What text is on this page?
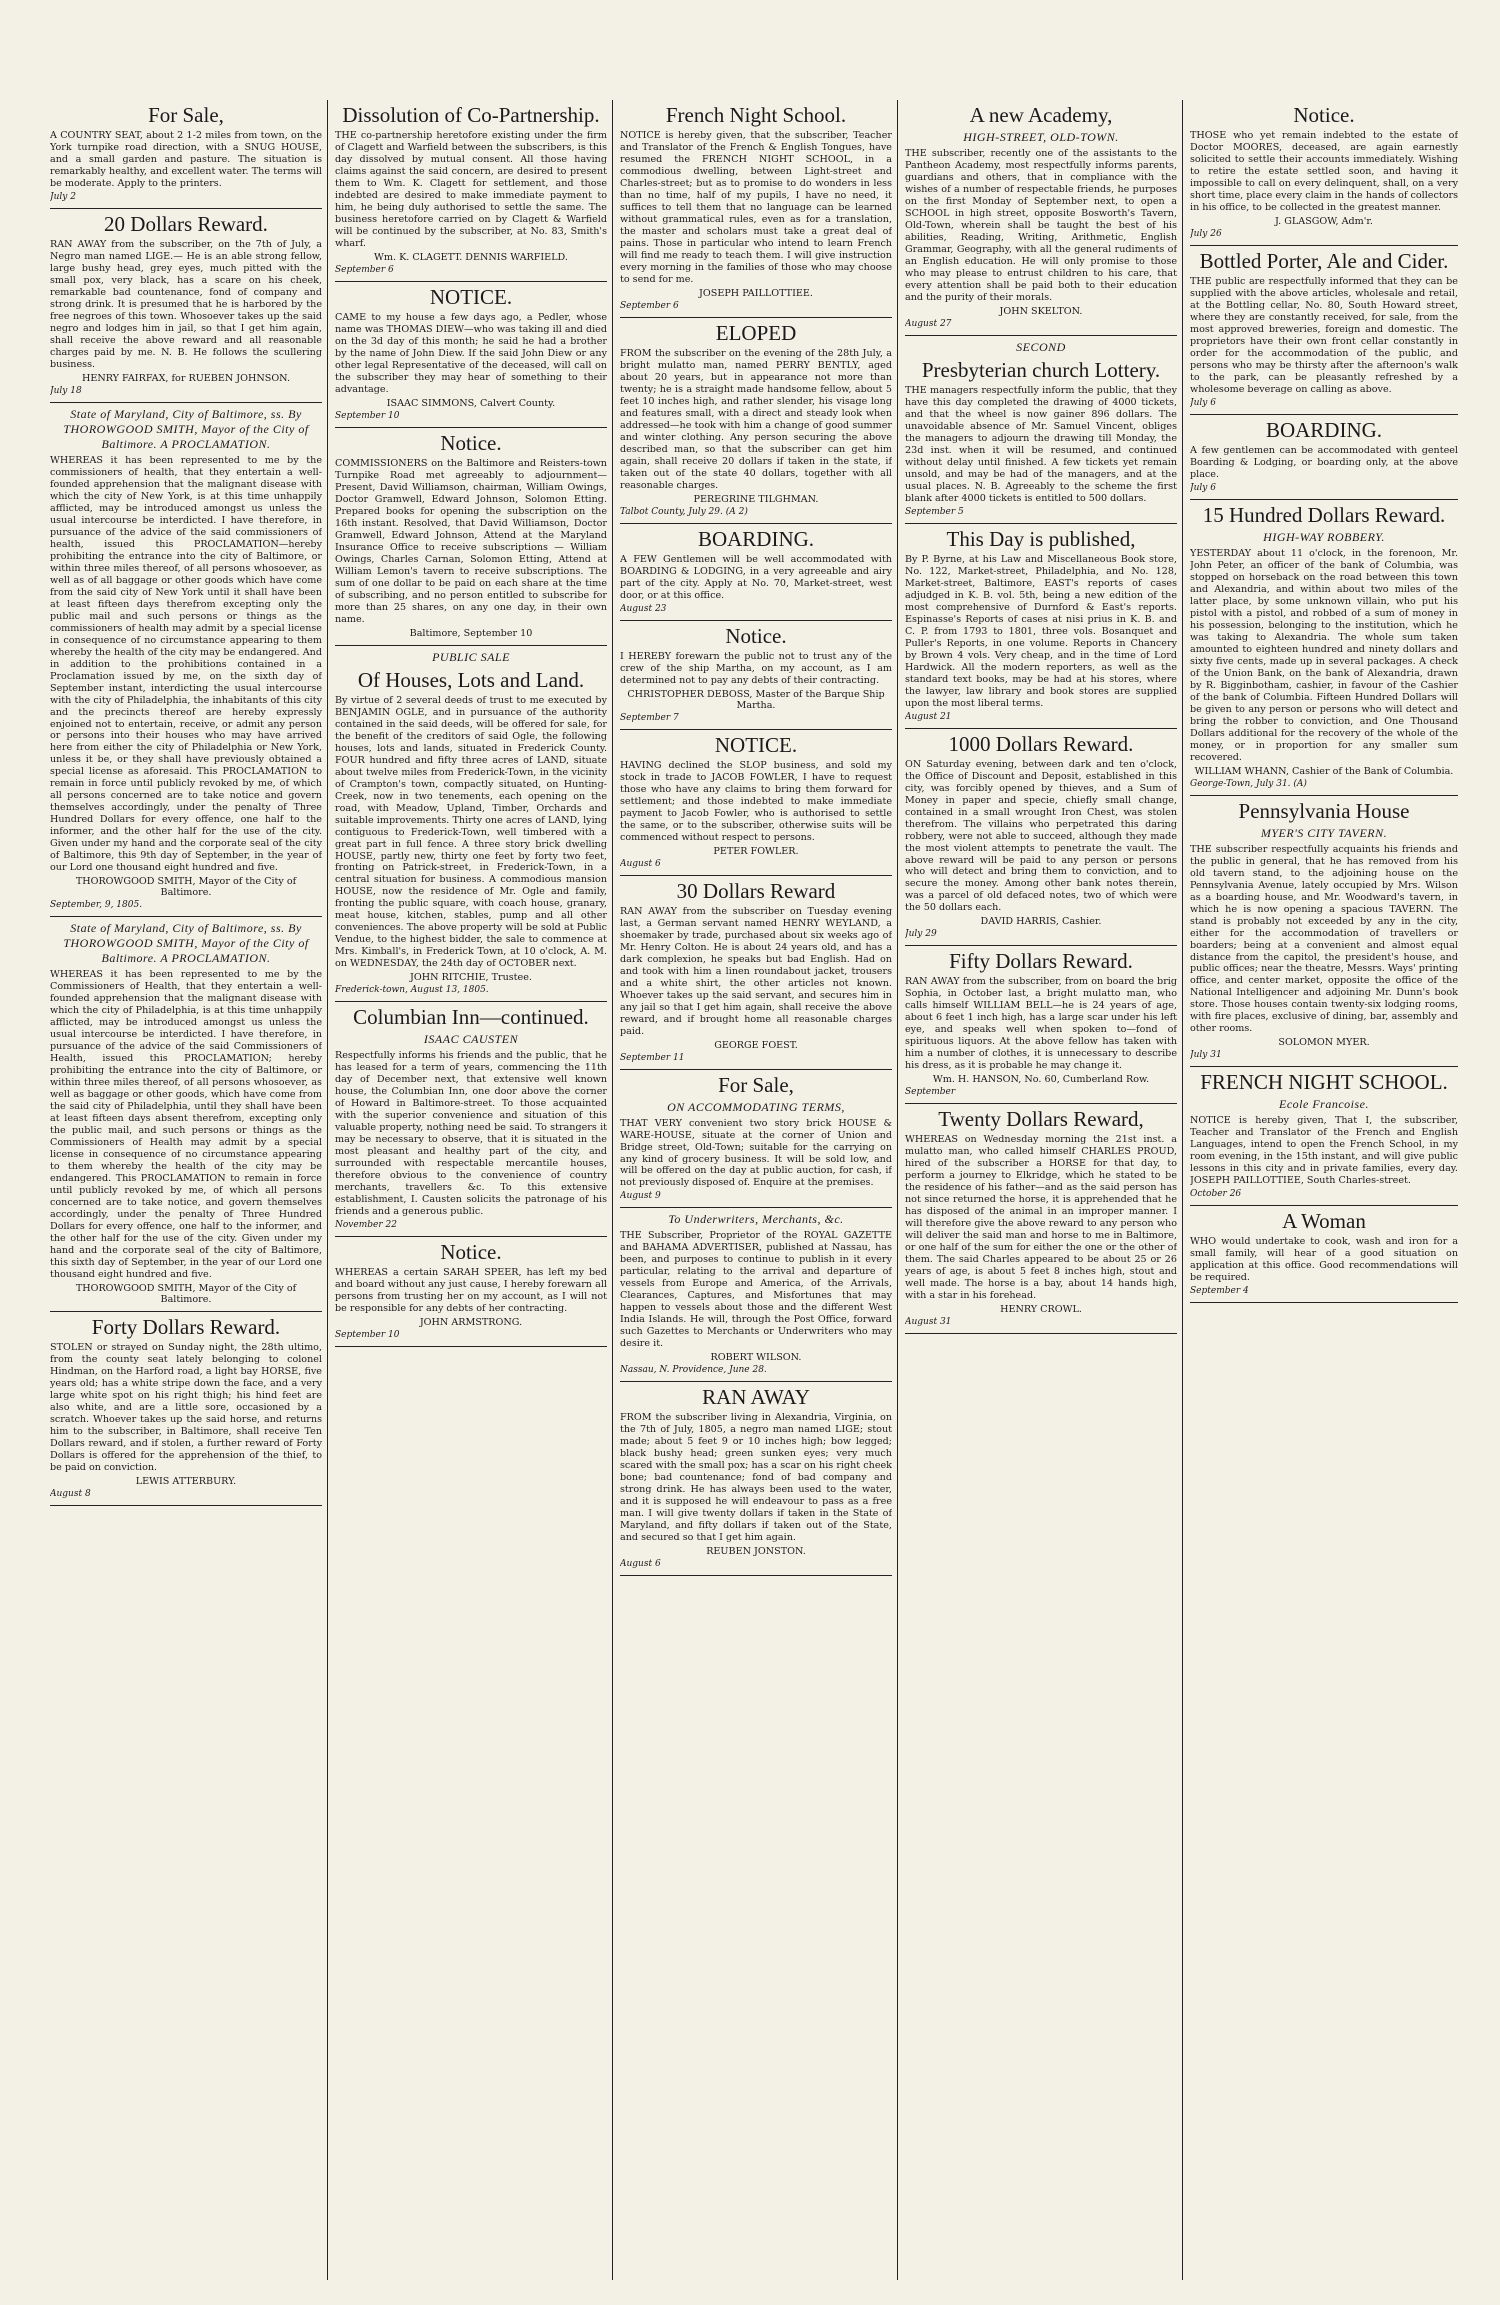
For Sale,

A COUNTRY SEAT, about 2 1-2 miles from town, on the York turnpike road direction, with a SNUG HOUSE, and a small garden and pasture. The situation is remarkably healthy, and excellent water. The terms will be moderate. Apply to the printers.

July 2
20 Dollars Reward.

RAN AWAY from the subscriber, on the 7th of July, a Negro man named LIGE.— He is an able strong fellow, large bushy head, grey eyes, much pitted with the small pox, very black, has a scare on his cheek, remarkable bad countenance, fond of company and strong drink. It is presumed that he is harbored by the free negroes of this town. Whosoever takes up the said negro and lodges him in jail, so that I get him again, shall receive the above reward and all reasonable charges paid by me. N. B. He follows the scullering business.

HENRY FAIRFAX, for RUEBEN JOHNSON.
July 18
State of Maryland, City of Baltimore, ss. By THOROWGOOD SMITH, Mayor of the City of Baltimore. A PROCLAMATION.

WHEREAS it has been represented to me by the commissioners of health, that they entertain a well-founded apprehension that the malignant disease with which the city of New York, is at this time unhappily afflicted, may be introduced amongst us unless the usual intercourse be interdicted. I have therefore, in pursuance of the advice of the said commissioners of health, issued this PROCLAMATION—hereby prohibiting the entrance into the city of Baltimore, or within three miles thereof, of all persons whosoever, as well as of all baggage or other goods which have come from the said city of New York until it shall have been at least fifteen days therefrom excepting only the public mail and such persons or things as the commissioners of health may admit by a special license in consequence of no circumstance appearing to them whereby the health of the city may be endangered. And in addition to the prohibitions contained in a Proclamation issued by me, on the sixth day of September instant, interdicting the usual intercourse with the city of Philadelphia, the inhabitants of this city and the precincts thereof are hereby expressly enjoined not to entertain, receive, or admit any person or persons into their houses who may have arrived here from either the city of Philadelphia or New York, unless it be, or they shall have previously obtained a special license as aforesaid. This PROCLAMATION to remain in force until publicly revoked by me, of which all persons concerned are to take notice and govern themselves accordingly, under the penalty of Three Hundred Dollars for every offence, one half to the informer, and the other half for the use of the city. Given under my hand and the corporate seal of the city of Baltimore, this 9th day of September, in the year of our Lord one thousand eight hundred and five.

THOROWGOOD SMITH, Mayor of the City of Baltimore.
September, 9, 1805.
State of Maryland, City of Baltimore, ss. By THOROWGOOD SMITH, Mayor of the City of Baltimore. A PROCLAMATION.

WHEREAS it has been represented to me by the Commissioners of Health, that they entertain a well-founded apprehension that the malignant disease with which the city of Philadelphia, is at this time unhappily afflicted, may be introduced amongst us unless the usual intercourse be interdicted. I have therefore, in pursuance of the advice of the said Commissioners of Health, issued this PROCLAMATION; hereby prohibiting the entrance into the city of Baltimore, or within three miles thereof, of all persons whosoever, as well as baggage or other goods, which have come from the said city of Philadelphia, until they shall have been at least fifteen days absent therefrom, excepting only the public mail, and such persons or things as the Commissioners of Health may admit by a special license in consequence of no circumstance appearing to them whereby the health of the city may be endangered. This PROCLAMATION to remain in force until publicly revoked by me, of which all persons concerned are to take notice, and govern themselves accordingly, under the penalty of Three Hundred Dollars for every offence, one half to the informer, and the other half for the use of the city. Given under my hand and the corporate seal of the city of Baltimore, this sixth day of September, in the year of our Lord one thousand eight hundred and five.

THOROWGOOD SMITH, Mayor of the City of Baltimore.
Forty Dollars Reward.

STOLEN or strayed on Sunday night, the 28th ultimo, from the county seat lately belonging to colonel Hindman, on the Harford road, a light bay HORSE, five years old; has a white stripe down the face, and a very large white spot on his right thigh; his hind feet are also white, and are a little sore, occasioned by a scratch. Whoever takes up the said horse, and returns him to the subscriber, in Baltimore, shall receive Ten Dollars reward, and if stolen, a further reward of Forty Dollars is offered for the apprehension of the thief, to be paid on conviction.

LEWIS ATTERBURY.
August 8
Dissolution of Co-Partnership.

THE co-partnership heretofore existing under the firm of Clagett and Warfield between the subscribers, is this day dissolved by mutual consent. All those having claims against the said concern, are desired to present them to Wm. K. Clagett for settlement, and those indebted are desired to make immediate payment to him, he being duly authorised to settle the same. The business heretofore carried on by Clagett & Warfield will be continued by the subscriber, at No. 83, Smith's wharf.

Wm. K. CLAGETT. DENNIS WARFIELD.
September 6
NOTICE.

CAME to my house a few days ago, a Pedler, whose name was THOMAS DIEW—who was taking ill and died on the 3d day of this month; he said he had a brother by the name of John Diew. If the said John Diew or any other legal Representative of the deceased, will call on the subscriber they may hear of something to their advantage.

ISAAC SIMMONS, Calvert County.
September 10
Notice.

COMMISSIONERS on the Baltimore and Reisters-town Turnpike Road met agreeably to adjournment— Present, David Williamson, chairman, William Owings, Doctor Gramwell, Edward Johnson, Solomon Etting. Prepared books for opening the subscription on the 16th instant. Resolved, that David Williamson, Doctor Gramwell, Edward Johnson, Attend at the Maryland Insurance Office to receive subscriptions — William Owings, Charles Carnan, Solomon Etting, Attend at William Lemon's tavern to receive subscriptions. The sum of one dollar to be paid on each share at the time of subscribing, and no person entitled to subscribe for more than 25 shares, on any one day, in their own name.

Baltimore, September 10
PUBLIC SALE
Of Houses, Lots and Land.

By virtue of 2 several deeds of trust to me executed by BENJAMIN OGLE, and in pursuance of the authority contained in the said deeds, will be offered for sale, for the benefit of the creditors of said Ogle, the following houses, lots and lands, situated in Frederick County. FOUR hundred and fifty three acres of LAND, situate about twelve miles from Frederick-Town, in the vicinity of Crampton's town, compactly situated, on Hunting-Creek, now in two tenements, each opening on the road, with Meadow, Upland, Timber, Orchards and suitable improvements. Thirty one acres of LAND, lying contiguous to Frederick-Town, well timbered with a great part in full fence. A three story brick dwelling HOUSE, partly new, thirty one feet by forty two feet, fronting on Patrick-street, in Frederick-Town, in a central situation for business. A commodious mansion HOUSE, now the residence of Mr. Ogle and family, fronting the public square, with coach house, granary, meat house, kitchen, stables, pump and all other conveniences. The above property will be sold at Public Vendue, to the highest bidder, the sale to commence at Mrs. Kimball's, in Frederick Town, at 10 o'clock, A. M. on WEDNESDAY, the 24th day of OCTOBER next.

JOHN RITCHIE, Trustee.
Frederick-town, August 13, 1805.
Columbian Inn—continued.
ISAAC CAUSTEN

Respectfully informs his friends and the public, that he has leased for a term of years, commencing the 11th day of December next, that extensive well known house, the Columbian Inn, one door above the corner of Howard in Baltimore-street. To those acquainted with the superior convenience and situation of this valuable property, nothing need be said. To strangers it may be necessary to observe, that it is situated in the most pleasant and healthy part of the city, and surrounded with respectable mercantile houses, therefore obvious to the convenience of country merchants, travellers &c. To this extensive establishment, I. Causten solicits the patronage of his friends and a generous public.

November 22
Notice.

WHEREAS a certain SARAH SPEER, has left my bed and board without any just cause, I hereby forewarn all persons from trusting her on my account, as I will not be responsible for any debts of her contracting.

JOHN ARMSTRONG.
September 10
French Night School.

NOTICE is hereby given, that the subscriber, Teacher and Translator of the French & English Tongues, have resumed the FRENCH NIGHT SCHOOL, in a commodious dwelling, between Light-street and Charles-street; but as to promise to do wonders in less than no time, half of my pupils, I have no need, it suffices to tell them that no language can be learned without grammatical rules, even as for a translation, the master and scholars must take a great deal of pains. Those in particular who intend to learn French will find me ready to teach them. I will give instruction every morning in the families of those who may choose to send for me.

JOSEPH PAILLOTTIEE.
September 6
ELOPED

FROM the subscriber on the evening of the 28th July, a bright mulatto man, named PERRY BENTLY, aged about 20 years, but in appearance not more than twenty; he is a straight made handsome fellow, about 5 feet 10 inches high, and rather slender, his visage long and features small, with a direct and steady look when addressed—he took with him a change of good summer and winter clothing. Any person securing the above described man, so that the subscriber can get him again, shall receive 20 dollars if taken in the state, if taken out of the state 40 dollars, together with all reasonable charges.

PEREGRINE TILGHMAN.
Talbot County, July 29. (A 2)
BOARDING.

A FEW Gentlemen will be well accommodated with BOARDING & LODGING, in a very agreeable and airy part of the city. Apply at No. 70, Market-street, west door, or at this office.

August 23
Notice.

I HEREBY forewarn the public not to trust any of the crew of the ship Martha, on my account, as I am determined not to pay any debts of their contracting.

CHRISTOPHER DEBOSS, Master of the Barque Ship Martha.
September 7
NOTICE.

HAVING declined the SLOP business, and sold my stock in trade to JACOB FOWLER, I have to request those who have any claims to bring them forward for settlement; and those indebted to make immediate payment to Jacob Fowler, who is authorised to settle the same, or to the subscriber, otherwise suits will be commenced without respect to persons.

PETER FOWLER.
August 6
30 Dollars Reward

RAN AWAY from the subscriber on Tuesday evening last, a German servant named HENRY WEYLAND, a shoemaker by trade, purchased about six weeks ago of Mr. Henry Colton. He is about 24 years old, and has a dark complexion, he speaks but bad English. Had on and took with him a linen roundabout jacket, trousers and a white shirt, the other articles not known. Whoever takes up the said servant, and secures him in any jail so that I get him again, shall receive the above reward, and if brought home all reasonable charges paid.

GEORGE FOEST.
September 11
For Sale,
ON ACCOMMODATING TERMS,

THAT VERY convenient two story brick HOUSE & WARE-HOUSE, situate at the corner of Union and Bridge street, Old-Town; suitable for the carrying on any kind of grocery business. It will be sold low, and will be offered on the day at public auction, for cash, if not previously disposed of. Enquire at the premises.

August 9
To Underwriters, Merchants, &c.

THE Subscriber, Proprietor of the ROYAL GAZETTE and BAHAMA ADVERTISER, published at Nassau, has been, and purposes to continue to publish in it every particular, relating to the arrival and departure of vessels from Europe and America, of the Arrivals, Clearances, Captures, and Misfortunes that may happen to vessels about those and the different West India Islands. He will, through the Post Office, forward such Gazettes to Merchants or Underwriters who may desire it.

ROBERT WILSON.
Nassau, N. Providence, June 28.
RAN AWAY

FROM the subscriber living in Alexandria, Virginia, on the 7th of July, 1805, a negro man named LIGE; stout made; about 5 feet 9 or 10 inches high; bow legged; black bushy head; green sunken eyes; very much scared with the small pox; has a scar on his right cheek bone; bad countenance; fond of bad company and strong drink. He has always been used to the water, and it is supposed he will endeavour to pass as a free man. I will give twenty dollars if taken in the State of Maryland, and fifty dollars if taken out of the State, and secured so that I get him again.

REUBEN JONSTON.
August 6
A new Academy,
HIGH-STREET, OLD-TOWN.

THE subscriber, recently one of the assistants to the Pantheon Academy, most respectfully informs parents, guardians and others, that in compliance with the wishes of a number of respectable friends, he purposes on the first Monday of September next, to open a SCHOOL in high street, opposite Bosworth's Tavern, Old-Town, wherein shall be taught the best of his abilities, Reading, Writing, Arithmetic, English Grammar, Geography, with all the general rudiments of an English education. He will only promise to those who may please to entrust children to his care, that every attention shall be paid both to their education and the purity of their morals.

JOHN SKELTON.
August 27
SECOND
Presbyterian church Lottery.

THE managers respectfully inform the public, that they have this day completed the drawing of 4000 tickets, and that the wheel is now gainer 896 dollars. The unavoidable absence of Mr. Samuel Vincent, obliges the managers to adjourn the drawing till Monday, the 23d inst. when it will be resumed, and continued without delay until finished. A few tickets yet remain unsold, and may be had of the managers, and at the usual places. N. B. Agreeably to the scheme the first blank after 4000 tickets is entitled to 500 dollars.

September 5
This Day is published,

By P. Byrne, at his Law and Miscellaneous Book store, No. 122, Market-street, Philadelphia, and No. 128, Market-street, Baltimore, EAST's reports of cases adjudged in K. B. vol. 5th, being a new edition of the most comprehensive of Durnford & East's reports. Espinasse's Reports of cases at nisi prius in K. B. and C. P. from 1793 to 1801, three vols. Bosanquet and Puller's Reports, in one volume. Reports in Chancery by Brown 4 vols. Very cheap, and in the time of Lord Hardwick. All the modern reporters, as well as the standard text books, may be had at his stores, where the lawyer, law library and book stores are supplied upon the most liberal terms.

August 21
1000 Dollars Reward.

ON Saturday evening, between dark and ten o'clock, the Office of Discount and Deposit, established in this city, was forcibly opened by thieves, and a Sum of Money in paper and specie, chiefly small change, contained in a small wrought Iron Chest, was stolen therefrom. The villains who perpetrated this daring robbery, were not able to succeed, although they made the most violent attempts to penetrate the vault. The above reward will be paid to any person or persons who will detect and bring them to conviction, and to secure the money. Among other bank notes therein, was a parcel of old defaced notes, two of which were the 50 dollars each.

DAVID HARRIS, Cashier.
July 29
Fifty Dollars Reward.

RAN AWAY from the subscriber, from on board the brig Sophia, in October last, a bright mulatto man, who calls himself WILLIAM BELL—he is 24 years of age, about 6 feet 1 inch high, has a large scar under his left eye, and speaks well when spoken to—fond of spirituous liquors. At the above fellow has taken with him a number of clothes, it is unnecessary to describe his dress, as it is probable he may change it.

Wm. H. HANSON, No. 60, Cumberland Row.
September
Twenty Dollars Reward,

WHEREAS on Wednesday morning the 21st inst. a mulatto man, who called himself CHARLES PROUD, hired of the subscriber a HORSE for that day, to perform a journey to Elkridge, which he stated to be the residence of his father—and as the said person has not since returned the horse, it is apprehended that he has disposed of the animal in an improper manner. I will therefore give the above reward to any person who will deliver the said man and horse to me in Baltimore, or one half of the sum for either the one or the other of them. The said Charles appeared to be about 25 or 26 years of age, is about 5 feet 8 inches high, stout and well made. The horse is a bay, about 14 hands high, with a star in his forehead.

HENRY CROWL.
August 31
Notice.

THOSE who yet remain indebted to the estate of Doctor MOORES, deceased, are again earnestly solicited to settle their accounts immediately. Wishing to retire the estate settled soon, and having it impossible to call on every delinquent, shall, on a very short time, place every claim in the hands of collectors in his office, to be collected in the greatest manner.

J. GLASGOW, Adm'r.
July 26
Bottled Porter, Ale and Cider.

THE public are respectfully informed that they can be supplied with the above articles, wholesale and retail, at the Bottling cellar, No. 80, South Howard street, where they are constantly received, for sale, from the most approved breweries, foreign and domestic. The proprietors have their own front cellar constantly in order for the accommodation of the public, and persons who may be thirsty after the afternoon's walk to the park, can be pleasantly refreshed by a wholesome beverage on calling as above.

July 6
BOARDING.

A few gentlemen can be accommodated with genteel Boarding & Lodging, or boarding only, at the above place.

July 6
15 Hundred Dollars Reward.
HIGH-WAY ROBBERY.

YESTERDAY about 11 o'clock, in the forenoon, Mr. John Peter, an officer of the bank of Columbia, was stopped on horseback on the road between this town and Alexandria, and within about two miles of the latter place, by some unknown villain, who put his pistol with a pistol, and robbed of a sum of money in his possession, belonging to the institution, which he was taking to Alexandria. The whole sum taken amounted to eighteen hundred and ninety dollars and sixty five cents, made up in several packages. A check of the Union Bank, on the bank of Alexandria, drawn by R. Bigginbotham, cashier, in favour of the Cashier of the bank of Columbia. Fifteen Hundred Dollars will be given to any person or persons who will detect and bring the robber to conviction, and One Thousand Dollars additional for the recovery of the whole of the money, or in proportion for any smaller sum recovered.

WILLIAM WHANN, Cashier of the Bank of Columbia.
George-Town, July 31. (A)
Pennsylvania House
MYER'S CITY TAVERN.

THE subscriber respectfully acquaints his friends and the public in general, that he has removed from his old tavern stand, to the adjoining house on the Pennsylvania Avenue, lately occupied by Mrs. Wilson as a boarding house, and Mr. Woodward's tavern, in which he is now opening a spacious TAVERN. The stand is probably not exceeded by any in the city, either for the accommodation of travellers or boarders; being at a convenient and almost equal distance from the capitol, the president's house, and public offices; near the theatre, Messrs. Ways' printing office, and center market, opposite the office of the National Intelligencer and adjoining Mr. Dunn's book store. Those houses contain twenty-six lodging rooms, with fire places, exclusive of dining, bar, assembly and other rooms.

SOLOMON MYER.
July 31
FRENCH NIGHT SCHOOL.
Ecole Francoise.

NOTICE is hereby given, That I, the subscriber, Teacher and Translator of the French and English Languages, intend to open the French School, in my room evening, in the 15th instant, and will give public lessons in this city and in private families, every day. JOSEPH PAILLOTTIEE, South Charles-street.

October 26
A Woman

WHO would undertake to cook, wash and iron for a small family, will hear of a good situation on application at this office. Good recommendations will be required.

September 4
